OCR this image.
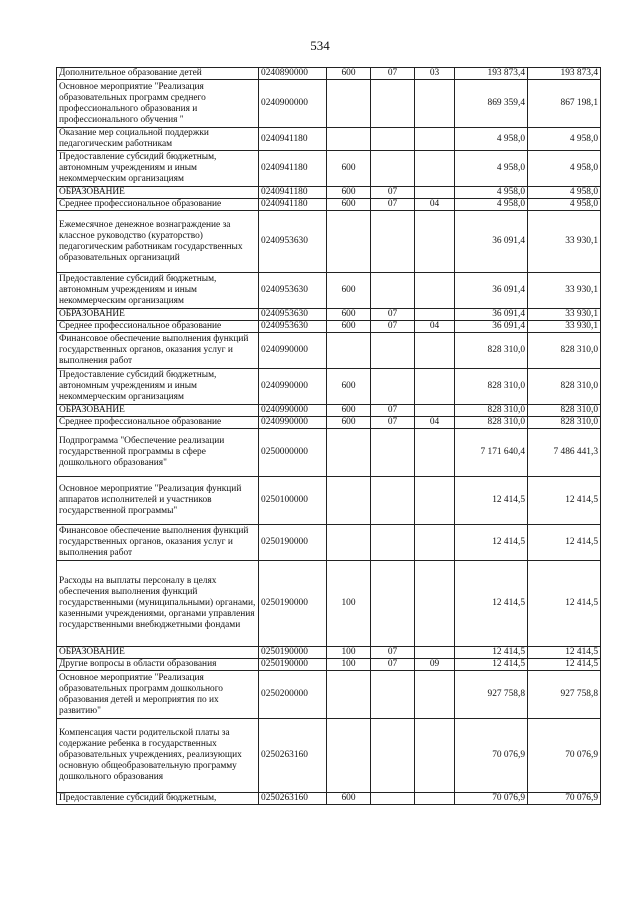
534
Дополнительное образование детей	0240890000	600	07	03	193 873,4	193 873,4
Основное мероприятие "Реализация образовательных программ среднего профессионального образования и профессионального обучения "	0240900000				869 359,4	867 198,1
Оказание мер социальной поддержки педагогическим работникам	0240941180				4 958,0	4 958,0
Предоставление субсидий бюджетным, автономным учреждениям и иным некоммерческим организациям	0240941180	600			4 958,0	4 958,0
ОБРАЗОВАНИЕ	0240941180	600	07		4 958,0	4 958,0
Среднее профессиональное образование	0240941180	600	07	04	4 958,0	4 958,0
Ежемесячное денежное вознаграждение за классное руководство (кураторство) педагогическим работникам государственных образовательных организаций	0240953630				36 091,4	33 930,1
Предоставление субсидий бюджетным, автономным учреждениям и иным некоммерческим организациям	0240953630	600			36 091,4	33 930,1
ОБРАЗОВАНИЕ	0240953630	600	07		36 091,4	33 930,1
Среднее профессиональное образование	0240953630	600	07	04	36 091,4	33 930,1
Финансовое обеспечение выполнения функций государственных органов, оказания услуг и выполнения работ	0240990000				828 310,0	828 310,0
Предоставление субсидий бюджетным, автономным учреждениям и иным некоммерческим организациям	0240990000	600			828 310,0	828 310,0
ОБРАЗОВАНИЕ	0240990000	600	07		828 310,0	828 310,0
Среднее профессиональное образование	0240990000	600	07	04	828 310,0	828 310,0
Подпрограмма "Обеспечение реализации государственной программы в сфере дошкольного образования"	0250000000				7 171 640,4	7 486 441,3
Основное мероприятие "Реализация функций аппаратов исполнителей и участников государственной программы"	0250100000				12 414,5	12 414,5
Финансовое обеспечение выполнения функций государственных органов, оказания услуг и выполнения работ	0250190000				12 414,5	12 414,5
Расходы на выплаты персоналу в целях обеспечения выполнения функций государственными (муниципальными) органами, казенными учреждениями, органами управления государственными внебюджетными фондами	0250190000	100			12 414,5	12 414,5
ОБРАЗОВАНИЕ	0250190000	100	07		12 414,5	12 414,5
Другие вопросы в области образования	0250190000	100	07	09	12 414,5	12 414,5
Основное мероприятие "Реализация образовательных программ дошкольного образования детей и мероприятия по их развитию"	0250200000				927 758,8	927 758,8
Компенсация части родительской платы за содержание ребенка в государственных образовательных учреждениях, реализующих основную общеобразовательную программу дошкольного образования	0250263160				70 076,9	70 076,9
Предоставление субсидий бюджетным,	0250263160	600			70 076,9	70 076,9
